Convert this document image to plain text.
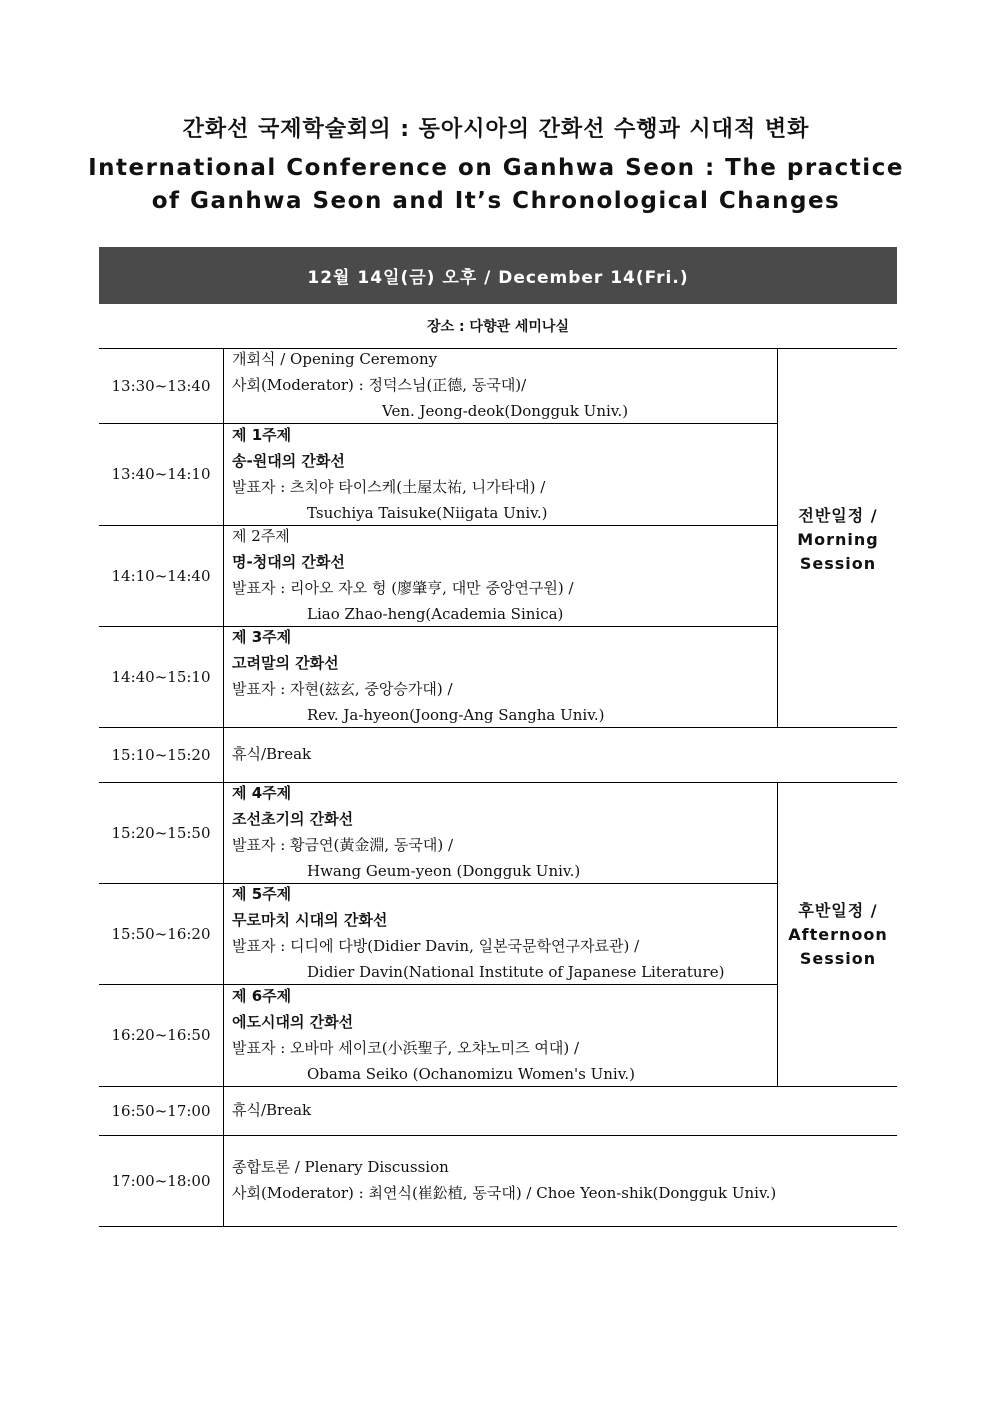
간화선 국제학술회의 : 동아시아의 간화선 수행과 시대적 변화
International Conference on Ganhwa Seon : The practice
of Ganhwa Seon and It’s Chronological Changes
12월 14일(금) 오후 / December 14(Fri.)
장소 : 다향관 세미나실
13:30~13:40
개회식 / Opening Ceremony
사회(Moderator) : 정덕스님(正德, 동국대)/
Ven. Jeong-deok(Dongguk Univ.)
13:40~14:10
제 1주제
송-원대의 간화선
발표자 : 츠치야 타이스케(土屋太祐, 니가타대) /
Tsuchiya Taisuke(Niigata Univ.)
14:10~14:40
제 2주제
명-청대의 간화선
발표자 : 리아오 자오 헝 (廖肇亨, 대만 중앙연구원) /
Liao Zhao-heng(Academia Sinica)
14:40~15:10
제 3주제
고려말의 간화선
발표자 : 자현(玆玄, 중앙승가대) /
Rev. Ja-hyeon(Joong-Ang Sangha Univ.)
전반일정 /
Morning
Session
15:10~15:20	휴식/Break
15:20~15:50
제 4주제
조선초기의 간화선
발표자 : 황금연(黃金淵, 동국대) /
Hwang Geum-yeon (Dongguk Univ.)
15:50~16:20
제 5주제
무로마치 시대의 간화선
발표자 : 디디에 다방(Didier Davin, 일본국문학연구자료관) /
Didier Davin(National Institute of Japanese Literature)
16:20~16:50
제 6주제
에도시대의 간화선
발표자 : 오바마 세이코(小浜聖子, 오챠노미즈 여대) /
Obama Seiko (Ochanomizu Women's Univ.)
후반일정 /
Afternoon
Session
16:50~17:00	휴식/Break
17:00~18:00
종합토론 / Plenary Discussion
사회(Moderator) : 최연식(崔鈆植, 동국대) / Choe Yeon-shik(Dongguk Univ.)
